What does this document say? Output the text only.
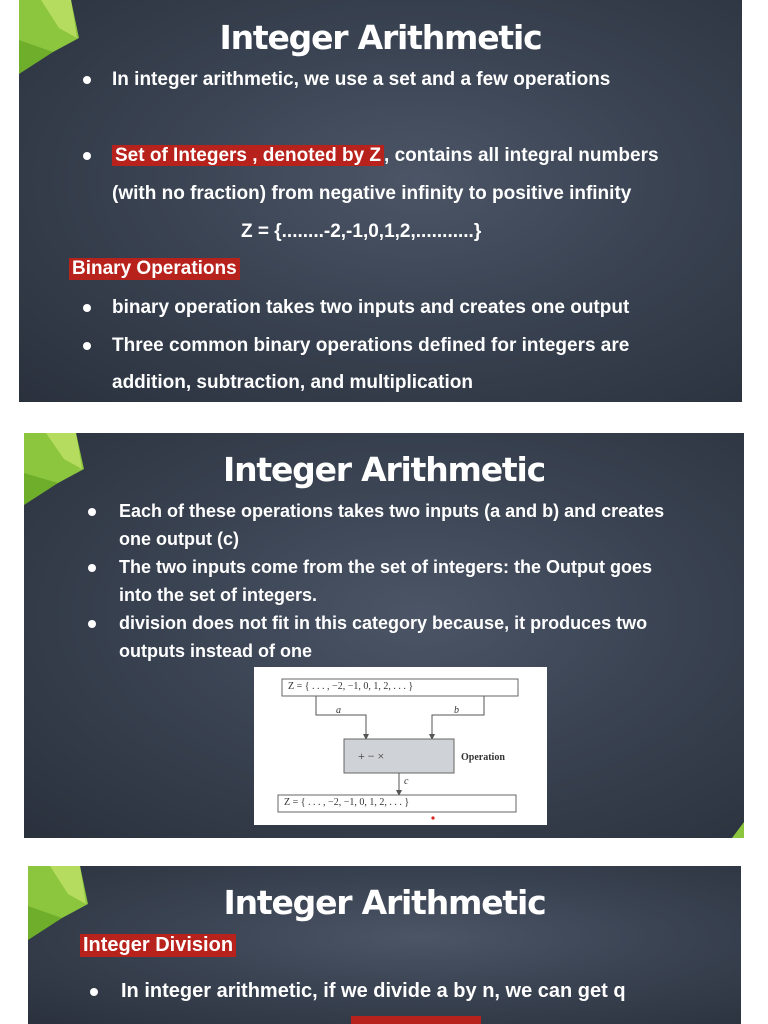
Integer Arithmetic
In integer arithmetic, we use a set and a few operations
Set of Integers , denoted by Z , contains all integral numbers
(with no fraction) from negative infinity to positive infinity
Z = {........-2,-1,0,1,2,...........}
Binary Operations
binary operation takes two inputs and creates one output
Three common binary operations defined for integers are
addition, subtraction, and multiplication
Integer Arithmetic
Each of these operations takes two inputs (a and b) and creates
one output (c)
The two inputs come from the set of integers: the Output goes
into the set of integers.
division does not fit in this category because, it produces two
outputs instead of one
Z = { . . . , −2, −1, 0, 1, 2, . . . }
a	b
+ − ×	Operation
c
Z = { . . . , −2, −1, 0, 1, 2, . . . }
Integer Arithmetic
Integer Division
In integer arithmetic, if we divide a by n, we can get q
